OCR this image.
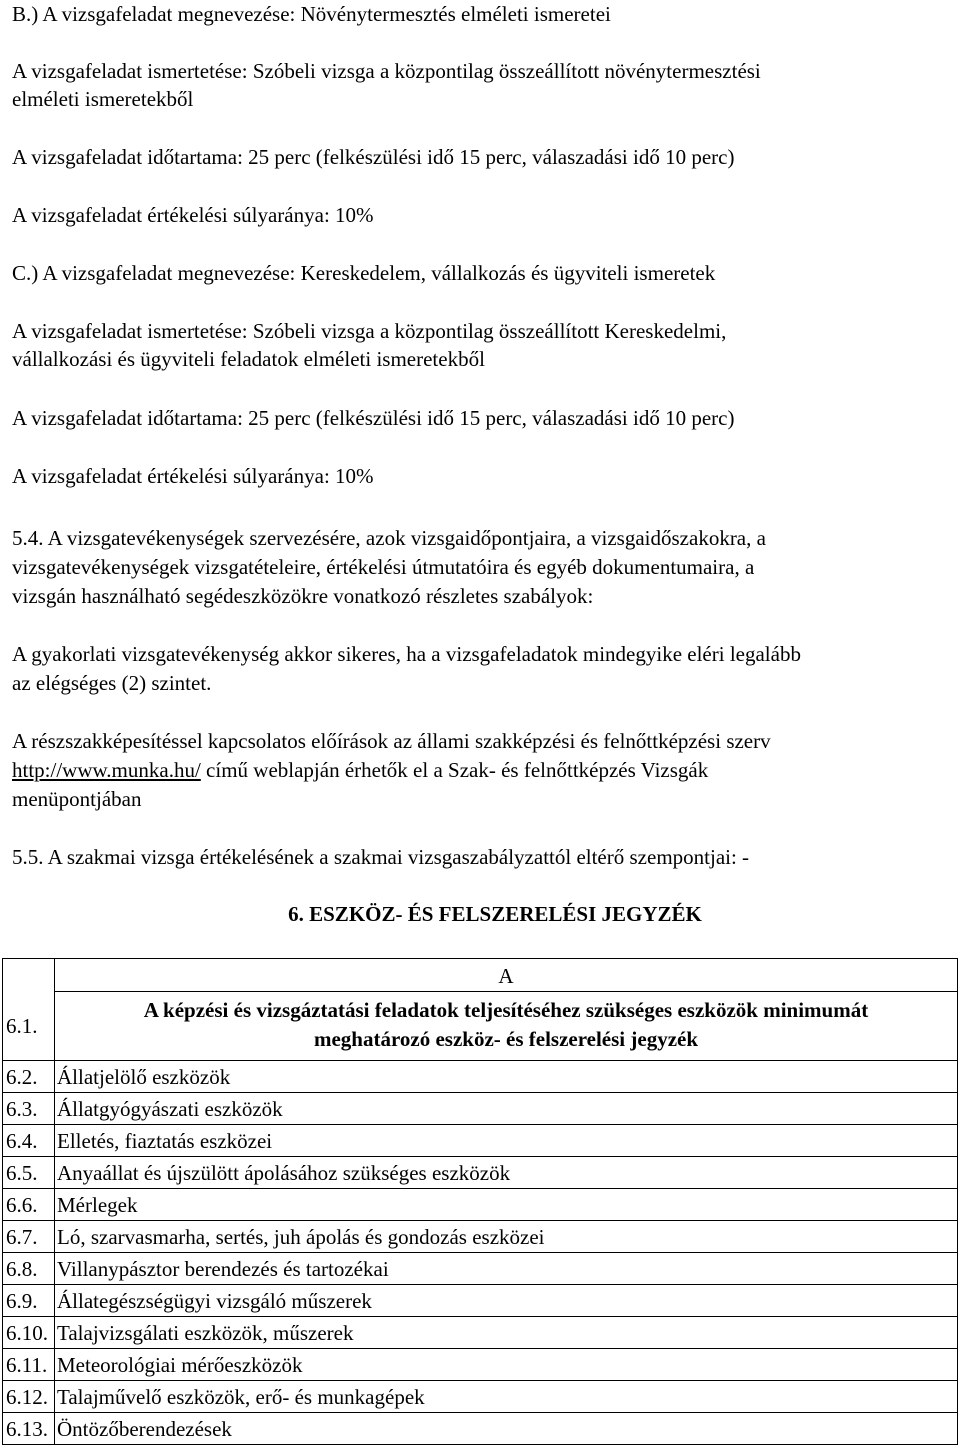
B.) A vizsgafeladat megnevezése: Növénytermesztés elméleti ismeretei

A vizsgafeladat ismertetése: Szóbeli vizsga a központilag összeállított növénytermesztési

elméleti ismeretekből

A vizsgafeladat időtartama: 25 perc (felkészülési idő 15 perc, válaszadási idő 10 perc)

A vizsgafeladat értékelési súlyaránya: 10%

C.) A vizsgafeladat megnevezése: Kereskedelem, vállalkozás és ügyviteli ismeretek

A vizsgafeladat ismertetése: Szóbeli vizsga a központilag összeállított Kereskedelmi,

vállalkozási és ügyviteli feladatok elméleti ismeretekből

A vizsgafeladat időtartama: 25 perc (felkészülési idő 15 perc, válaszadási idő 10 perc)

A vizsgafeladat értékelési súlyaránya: 10%

5.4. A vizsgatevékenységek szervezésére, azok vizsgaidőpontjaira, a vizsgaidőszakokra, a

vizsgatevékenységek vizsgatételeire, értékelési útmutatóira és egyéb dokumentumaira, a

vizsgán használható segédeszközökre vonatkozó részletes szabályok:

A gyakorlati vizsgatevékenység akkor sikeres, ha a vizsgafeladatok mindegyike eléri legalább

az elégséges (2) szintet.

A részszakképesítéssel kapcsolatos előírások az állami szakképzési és felnőttképzési szerv

http://www.munka.hu/ című weblapján érhetők el a Szak- és felnőttképzés Vizsgák

menüpontjában

5.5. A szakmai vizsga értékelésének a szakmai vizsgaszabályzattól eltérő szempontjai: -

6. ESZKÖZ- ÉS FELSZERELÉSI JEGYZÉK

	A
6.1.	A képzési és vizsgáztatási feladatok teljesítéséhez szükséges eszközök minimumát
meghatározó eszköz- és felszerelési jegyzék

6.2.	Állatjelölő eszközök
6.3.	Állatgyógyászati eszközök
6.4.	Elletés, fiaztatás eszközei
6.5.	Anyaállat és újszülött ápolásához szükséges eszközök
6.6.	Mérlegek
6.7.	Ló, szarvasmarha, sertés, juh ápolás és gondozás eszközei
6.8.	Villanypásztor berendezés és tartozékai
6.9.	Állategészségügyi vizsgáló műszerek
6.10.	Talajvizsgálati eszközök, műszerek
6.11.	Meteorológiai mérőeszközök
6.12.	Talajművelő eszközök, erő- és munkagépek
6.13.	Öntözőberendezések
